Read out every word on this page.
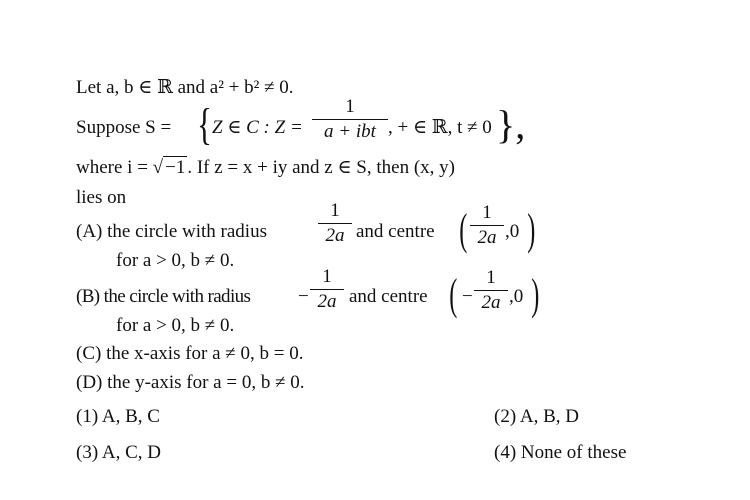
Let a, b ∈ ℝ and a² + b² ≠ 0.
Suppose S = { Z ∈ C : Z =
1
a + ibt , + ∈ ℝ, t ≠ 0 },
where i = √ −1 . If z = x + iy and z ∈ S, then (x, y)
lies on
(A) the circle with radius
1
2a and centre ( 1
2a ,0 )
for a > 0, b ≠ 0.
(B) the circle with radius	−
1
2a and centre ( −
1
2a ,0 )
for a > 0, b ≠ 0.
(C) the x-axis for a ≠ 0, b = 0.
(D) the y-axis for a = 0, b ≠ 0.
(1) A, B, C	(2) A, B, D
(3) A, C, D	(4) None of these
